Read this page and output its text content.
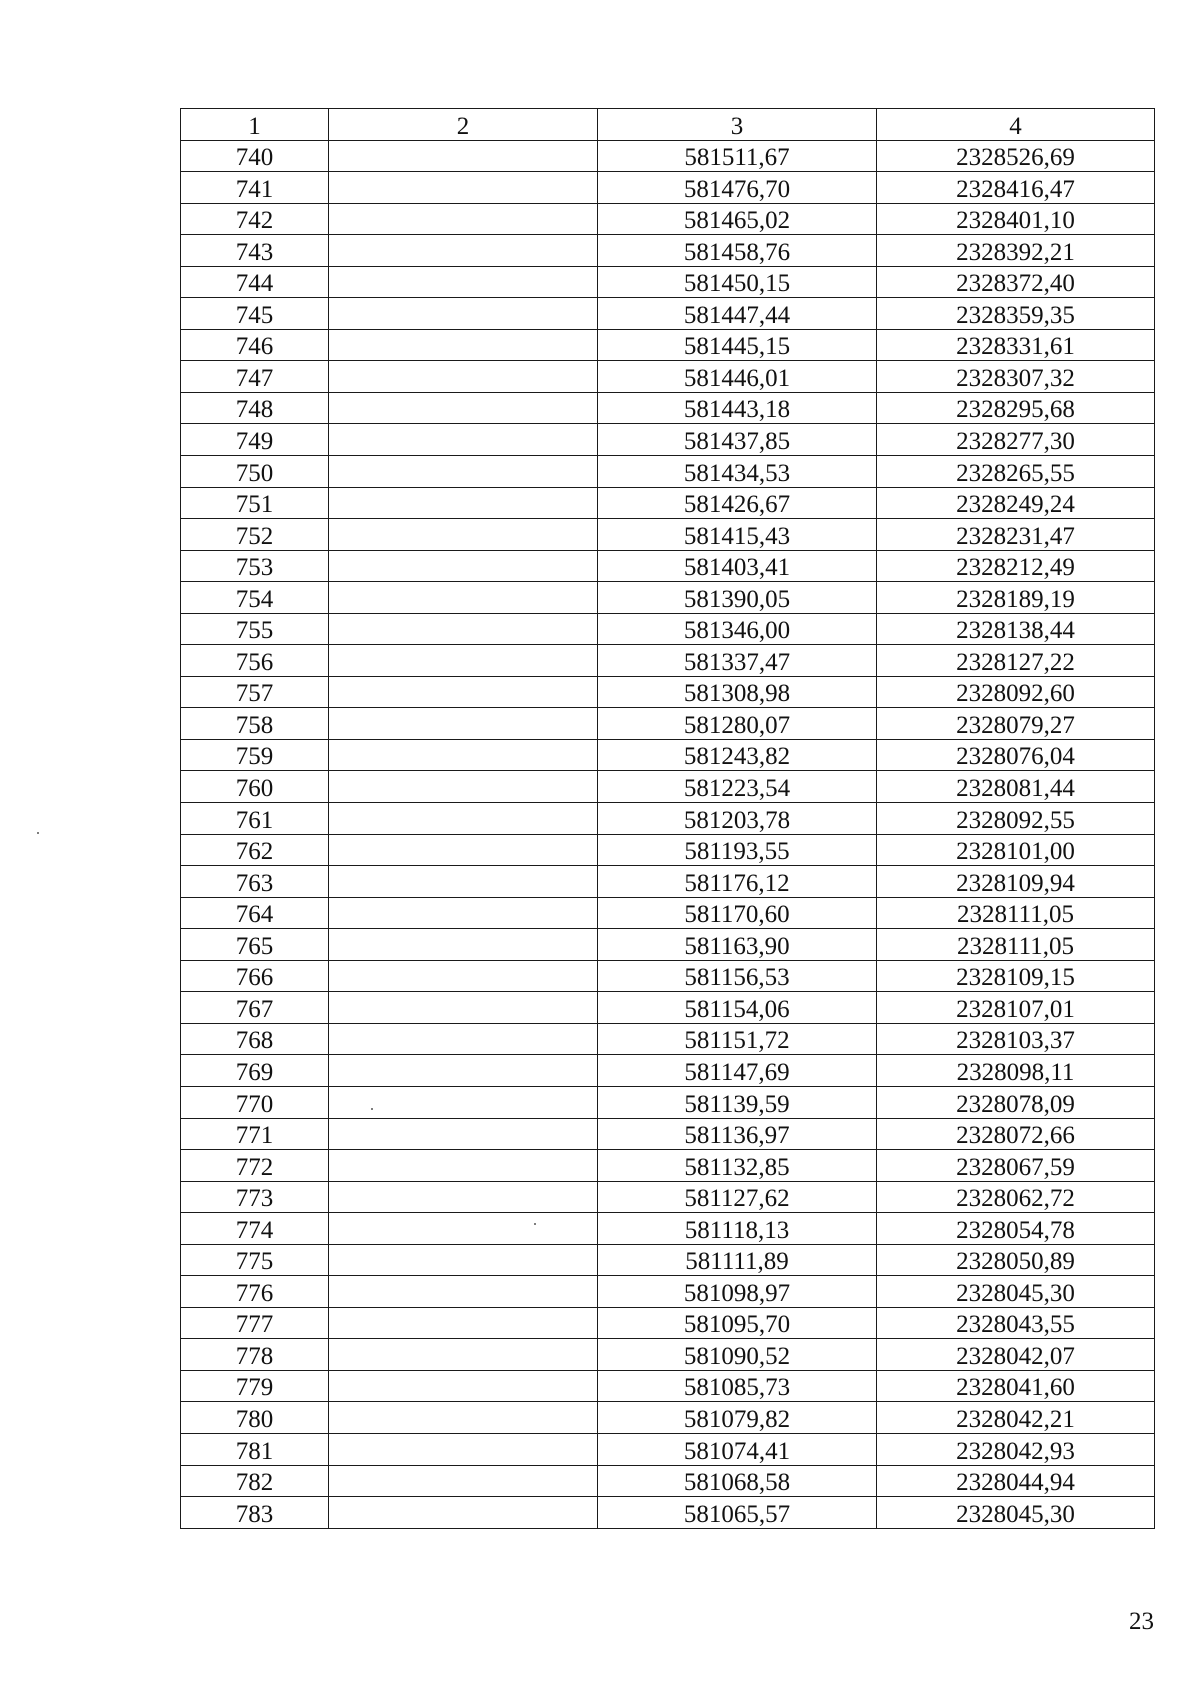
1	2	3	4
740		581511,67	2328526,69
741		581476,70	2328416,47
742		581465,02	2328401,10
743		581458,76	2328392,21
744		581450,15	2328372,40
745		581447,44	2328359,35
746		581445,15	2328331,61
747		581446,01	2328307,32
748		581443,18	2328295,68
749		581437,85	2328277,30
750		581434,53	2328265,55
751		581426,67	2328249,24
752		581415,43	2328231,47
753		581403,41	2328212,49
754		581390,05	2328189,19
755		581346,00	2328138,44
756		581337,47	2328127,22
757		581308,98	2328092,60
758		581280,07	2328079,27
759		581243,82	2328076,04
760		581223,54	2328081,44
761		581203,78	2328092,55
762		581193,55	2328101,00
763		581176,12	2328109,94
764		581170,60	2328111,05
765		581163,90	2328111,05
766		581156,53	2328109,15
767		581154,06	2328107,01
768		581151,72	2328103,37
769		581147,69	2328098,11
770		581139,59	2328078,09
771		581136,97	2328072,66
772		581132,85	2328067,59
773		581127,62	2328062,72
774		581118,13	2328054,78
775		581111,89	2328050,89
776		581098,97	2328045,30
777		581095,70	2328043,55
778		581090,52	2328042,07
779		581085,73	2328041,60
780		581079,82	2328042,21
781		581074,41	2328042,93
782		581068,58	2328044,94
783		581065,57	2328045,30
23
